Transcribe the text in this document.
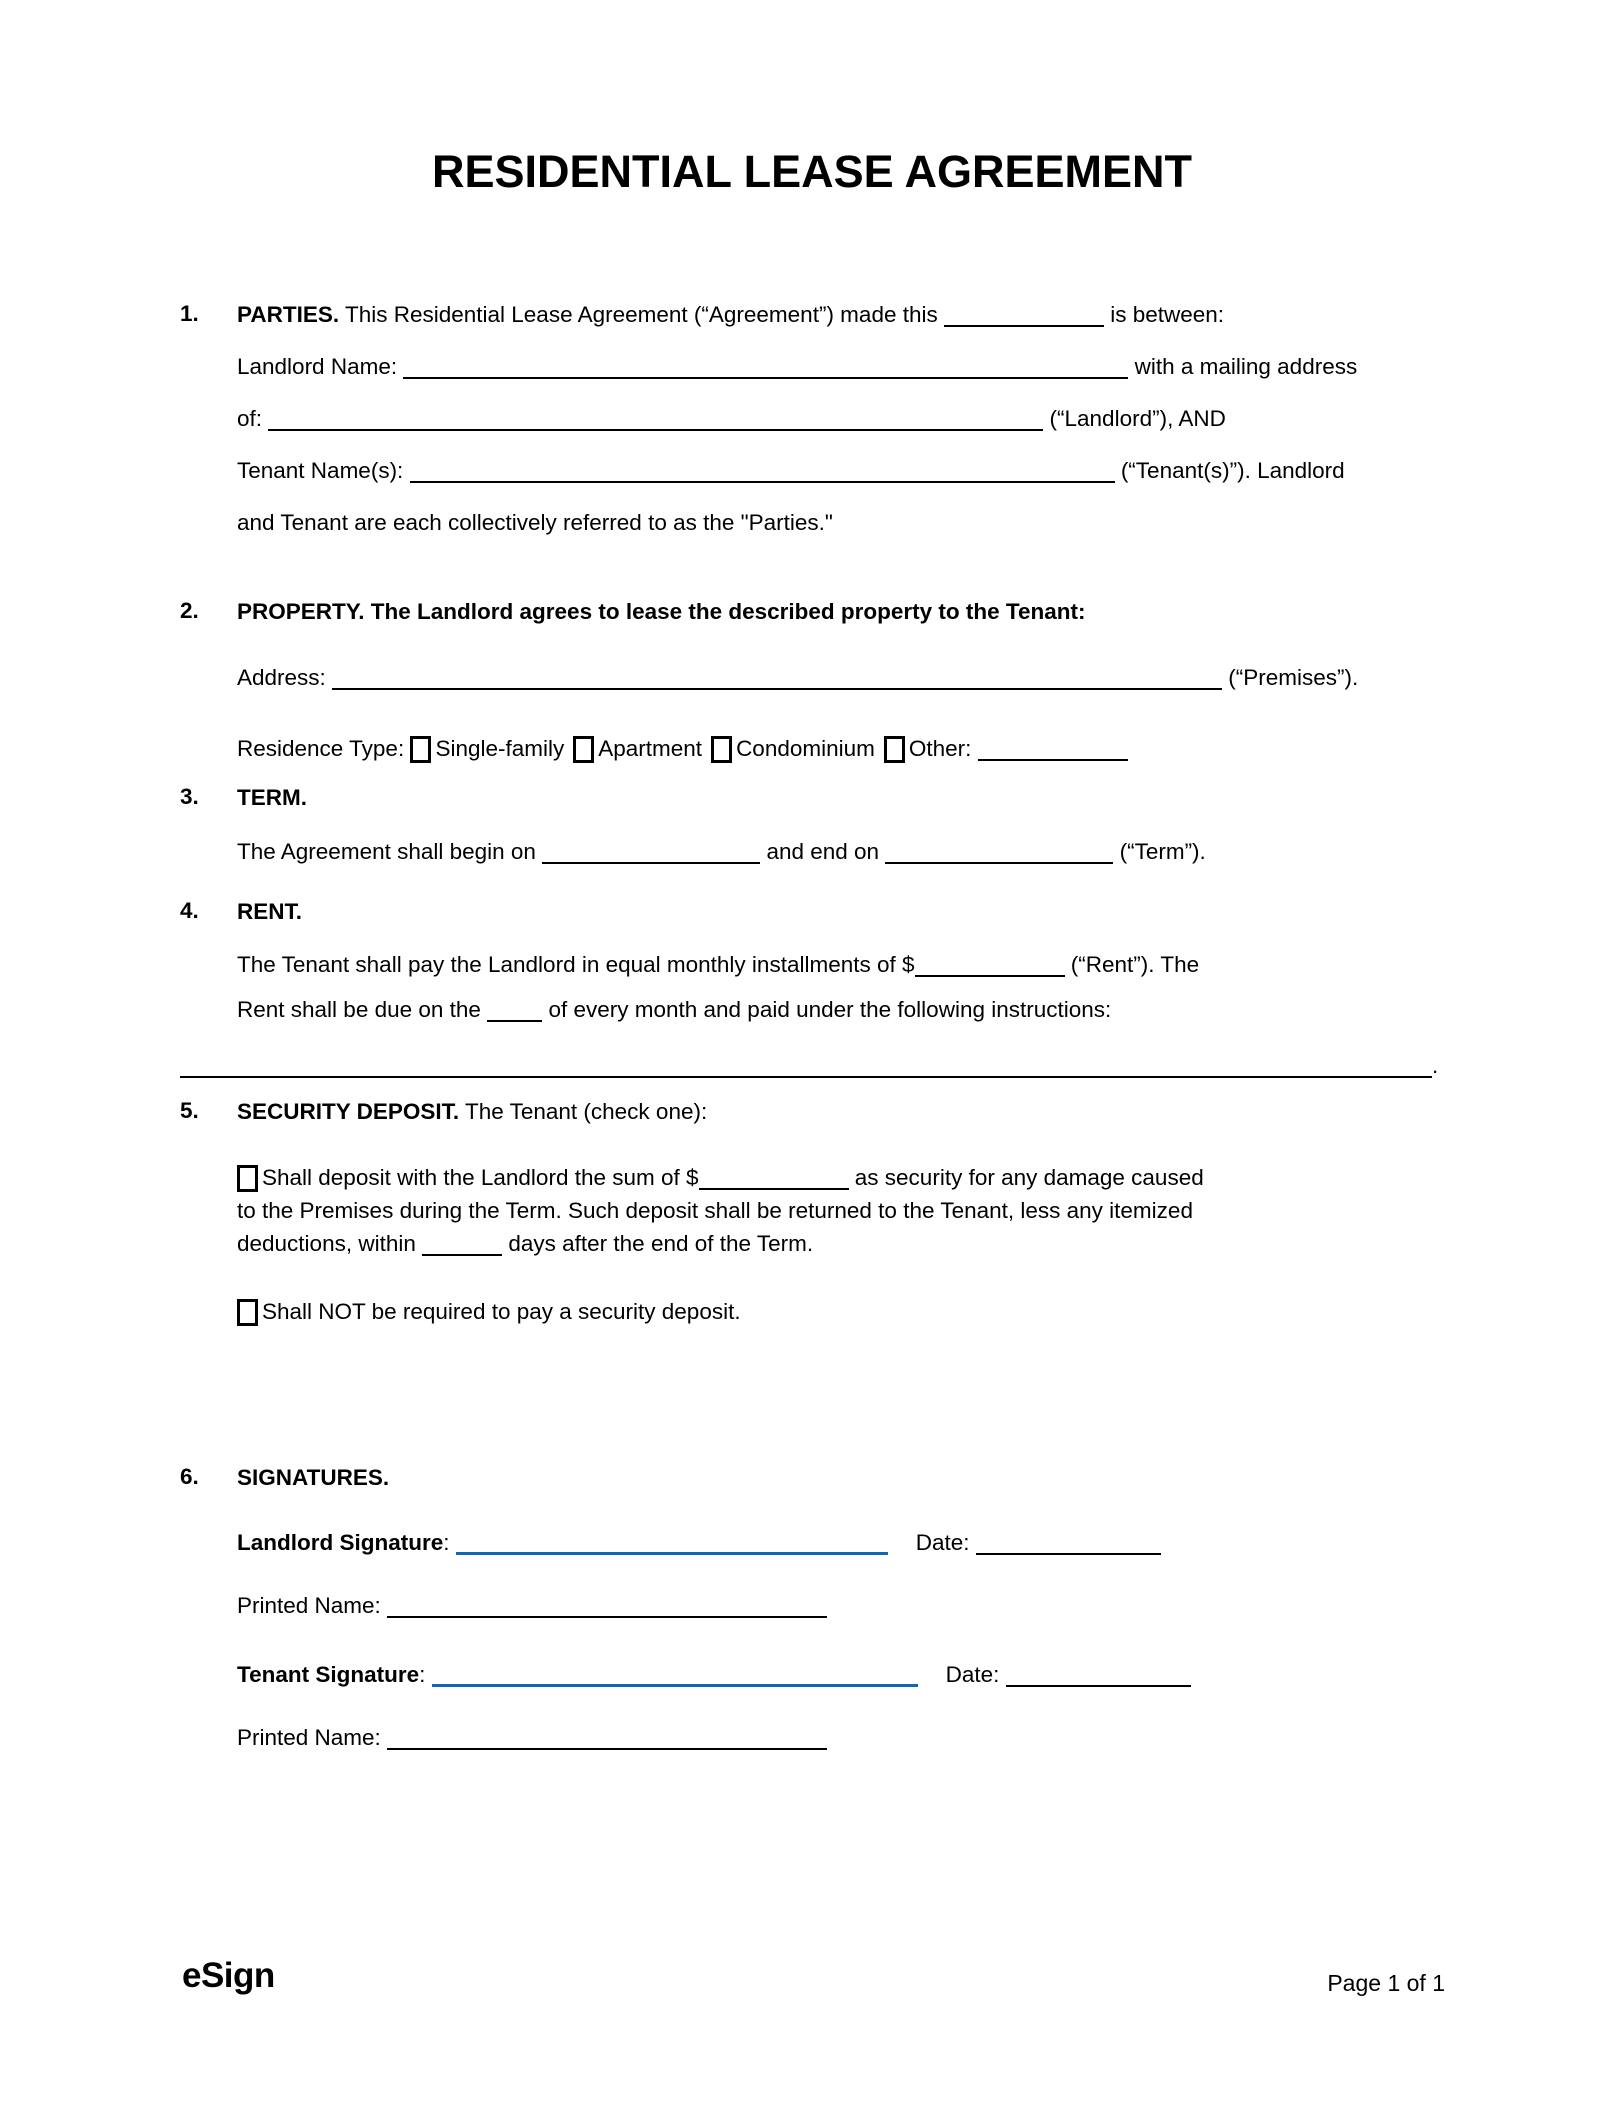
RESIDENTIAL LEASE AGREEMENT
1.	PARTIES. This Residential Lease Agreement (“Agreement”) made this	is between:
Landlord Name:	with a mailing address
of:	(“Landlord”), AND
Tenant Name(s):	(“Tenant(s)”). Landlord
and Tenant are each collectively referred to as the "Parties."
2.	PROPERTY. The Landlord agrees to lease the described property to the Tenant:
Address:	(“Premises”).
Residence Type: Single-family Apartment Condominium Other:
3.	TERM.
The Agreement shall begin on	and end on	(“Term”).
4.	RENT.
The Tenant shall pay the Landlord in equal monthly installments of $	(“Rent”). The
Rent shall be due on the  of every month and paid under the following instructions:
.
5.	SECURITY DEPOSIT. The Tenant (check one):
Shall deposit with the Landlord the sum of $	as security for any damage caused
to the Premises during the Term. Such deposit shall be returned to the Tenant, less any itemized
deductions, within	days after the end of the Term.
Shall NOT be required to pay a security deposit.
6.	SIGNATURES.
Landlord Signature:	Date:
Printed Name:
Tenant Signature:	Date:
Printed Name:
eSign	Page 1 of 1
